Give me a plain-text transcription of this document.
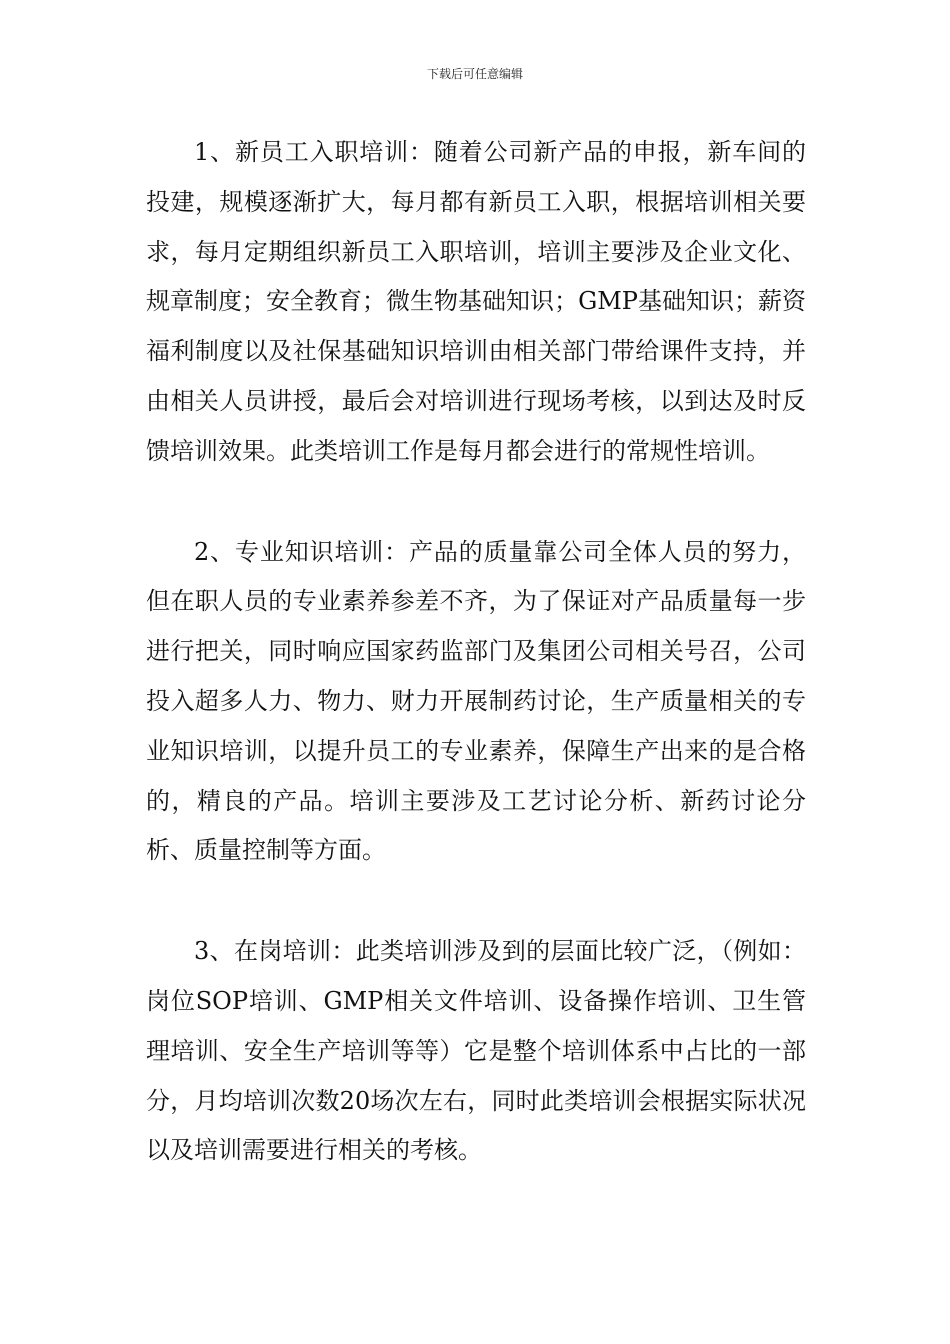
下载后可任意编辑

1、新员工入职培训：随着公司新产品的申报，新车间的投建，规模逐渐扩大，每月都有新员工入职，根据培训相关要求，每月定期组织新员工入职培训，培训主要涉及企业文化、规章制度；安全教育；微生物基础知识；GMP基础知识；薪资福利制度以及社保基础知识培训由相关部门带给课件支持，并由相关人员讲授，最后会对培训进行现场考核，以到达及时反馈培训效果。此类培训工作是每月都会进行的常规性培训。

2、专业知识培训：产品的质量靠公司全体人员的努力，但在职人员的专业素养参差不齐，为了保证对产品质量每一步进行把关，同时响应国家药监部门及集团公司相关号召，公司投入超多人力、物力、财力开展制药讨论，生产质量相关的专业知识培训，以提升员工的专业素养，保障生产出来的是合格的，精良的产品。培训主要涉及工艺讨论分析、新药讨论分析、质量控制等方面。

3、在岗培训：此类培训涉及到的层面比较广泛，（例如：岗位SOP培训、GMP相关文件培训、设备操作培训、卫生管理培训、安全生产培训等等）它是整个培训体系中占比的一部分，月均培训次数20场次左右，同时此类培训会根据实际状况以及培训需要进行相关的考核。
